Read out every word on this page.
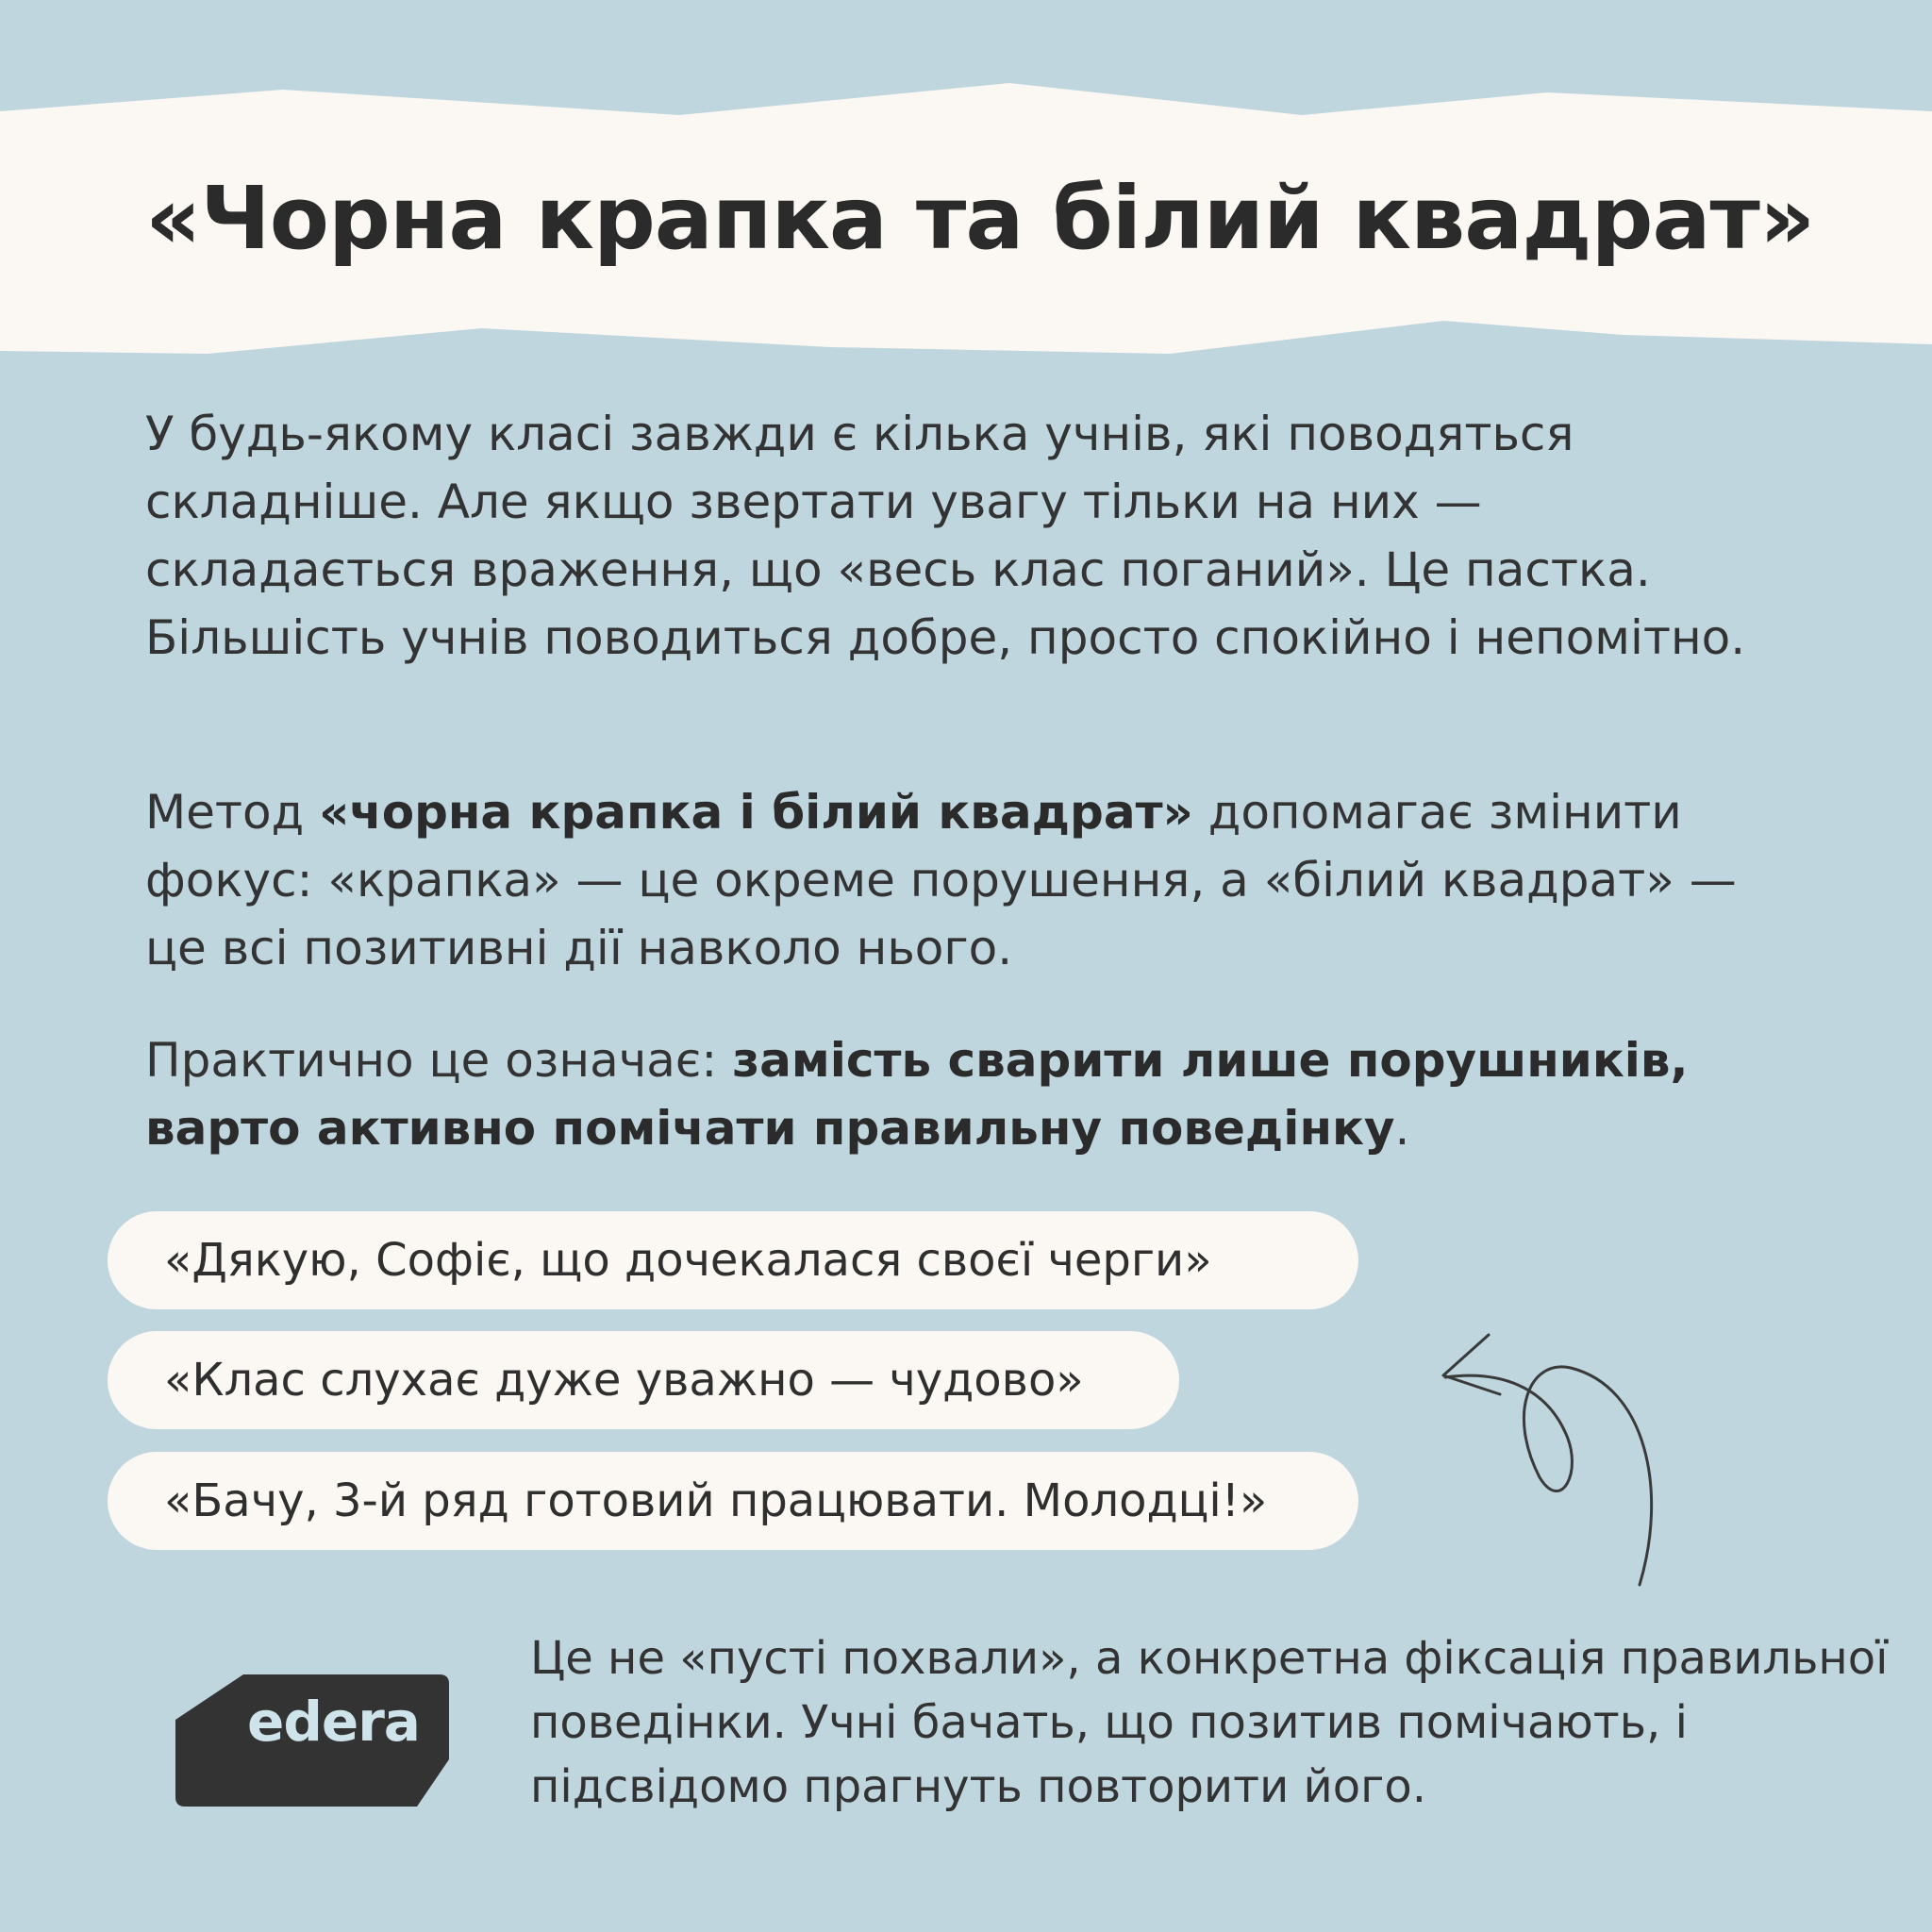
«Чорна крапка та білий квадрат»

У будь-якому класі завжди є кілька учнів, які поводяться складніше. Але якщо звертати увагу тільки на них — складається враження, що «весь клас поганий». Це пастка. Більшість учнів поводиться добре, просто спокійно і непомітно.

Метод «чорна крапка і білий квадрат» допомагає змінити фокус: «крапка» — це окреме порушення, а «білий квадрат» — це всі позитивні дії навколо нього.

Практично це означає: замість сварити лише порушників, варто активно помічати правильну поведінку.

«Дякую, Софіє, що дочекалася своєї черги»
«Клас слухає дуже уважно — чудово»
«Бачу, 3-й ряд готовий працювати. Молодці!»
edera

Це не «пусті похвали», а конкретна фіксація правильної поведінки. Учні бачать, що позитив помічають, і підсвідомо прагнуть повторити його.
